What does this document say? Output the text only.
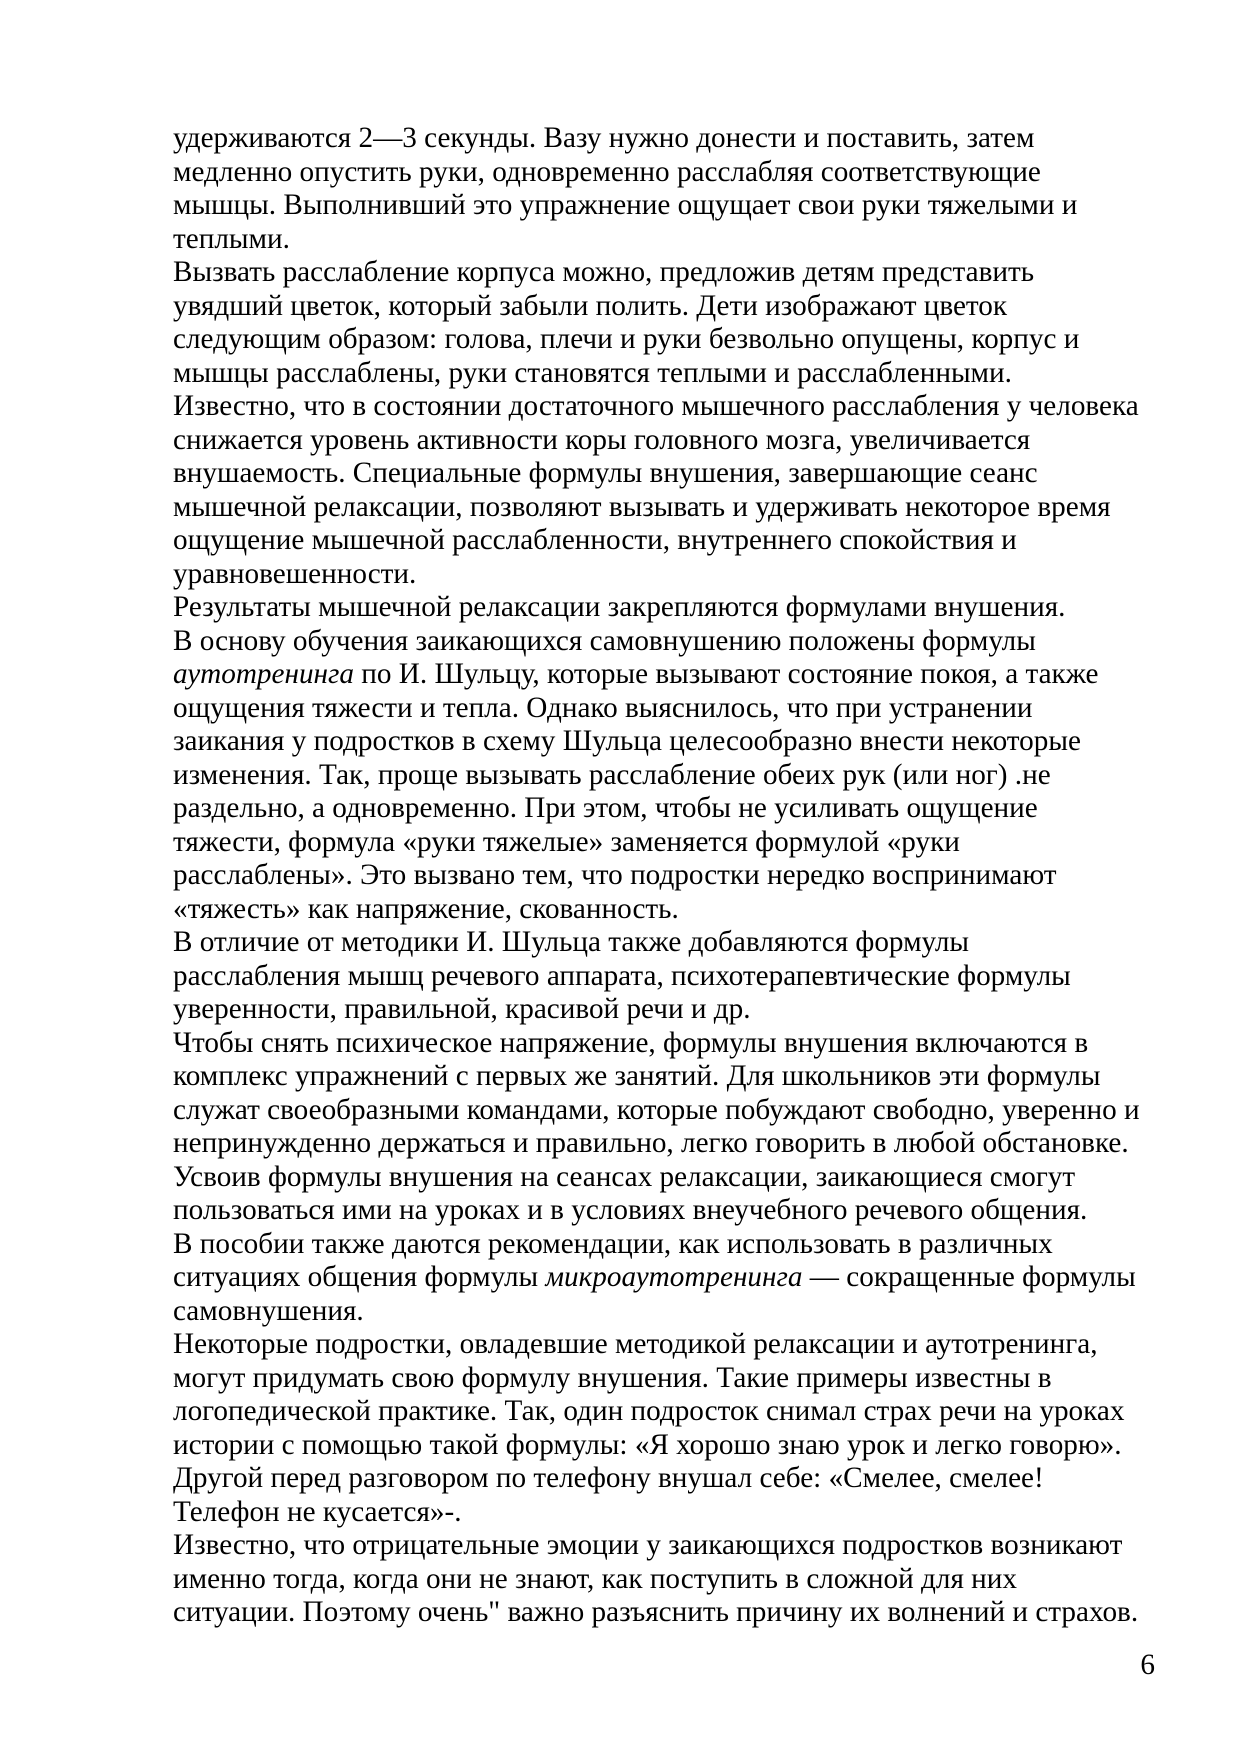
удерживаются 2—3 секунды. Вазу нужно донести и поставить, затем
медленно опустить руки, одновременно расслабляя соответствующие
мышцы. Выполнивший это упражнение ощущает свои руки тяжелыми и
теплыми.
Вызвать расслабление корпуса можно, предложив детям представить
увядший цветок, который забыли полить. Дети изображают цветок
следующим образом: голова, плечи и руки безвольно опущены, корпус и
мышцы расслаблены, руки становятся теплыми и расслабленными.
Известно, что в состоянии достаточного мышечного расслабления у человека
снижается уровень активности коры головного мозга, увеличивается
внушаемость. Специальные формулы внушения, завершающие сеанс
мышечной релаксации, позволяют вызывать и удерживать некоторое время
ощущение мышечной расслабленности, внутреннего спокойствия и
уравновешенности.
Результаты мышечной релаксации закрепляются формулами внушения.
В основу обучения заикающихся самовнушению положены формулы
аутотренинга по И. Шульцу, которые вызывают состояние покоя, а также
ощущения тяжести и тепла. Однако выяснилось, что при устранении
заикания у подростков в схему Шульца целесообразно внести некоторые
изменения. Так, проще вызывать расслабление обеих рук (или ног) .не
раздельно, а одновременно. При этом, чтобы не усиливать ощущение
тяжести, формула «руки тяжелые» заменяется формулой «руки
расслаблены». Это вызвано тем, что подростки нередко воспринимают
«тяжесть» как напряжение, скованность.
В отличие от методики И. Шульца также добавляются формулы
расслабления мышц речевого аппарата, психотерапевтические формулы
уверенности, правильной, красивой речи и др.
Чтобы снять психическое напряжение, формулы внушения включаются в
комплекс упражнений с первых же занятий. Для школьников эти формулы
служат своеобразными командами, которые побуждают свободно, уверенно и
непринужденно держаться и правильно, легко говорить в любой обстановке.
Усвоив формулы внушения на сеансах релаксации, заикающиеся смогут
пользоваться ими на уроках и в условиях внеучебного речевого общения.
В пособии также даются рекомендации, как использовать в различных
ситуациях общения формулы микроаутотренинга — сокращенные формулы
самовнушения.
Некоторые подростки, овладевшие методикой релаксации и аутотренинга,
могут придумать свою формулу внушения. Такие примеры известны в
логопедической практике. Так, один подросток снимал страх речи на уроках
истории с помощью такой формулы: «Я хорошо знаю урок и легко говорю».
Другой перед разговором по телефону внушал себе: «Смелее, смелее!
Телефон не кусается»-.
Известно, что отрицательные эмоции у заикающихся подростков возникают
именно тогда, когда они не знают, как поступить в сложной для них
ситуации. Поэтому очень" важно разъяснить причину их волнений и страхов.
6
